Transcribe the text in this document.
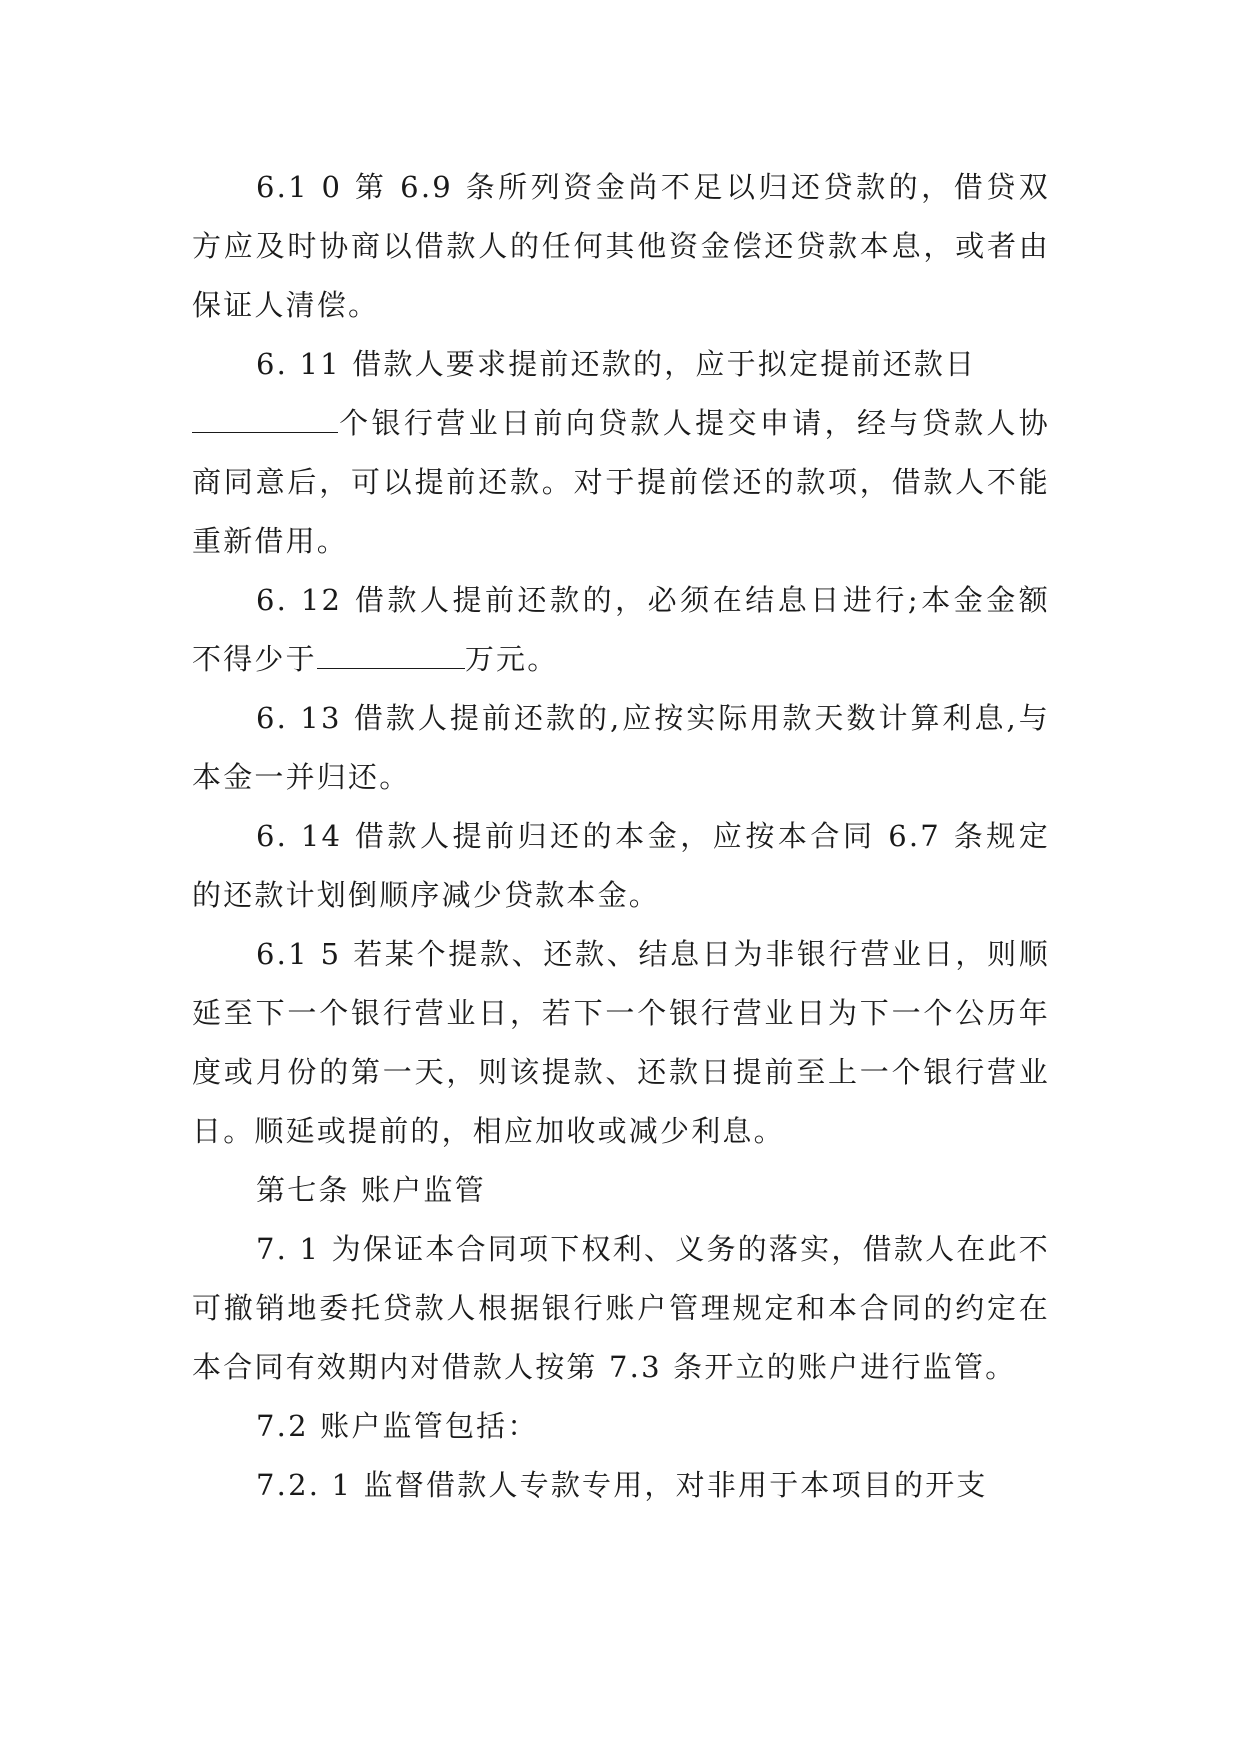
6.1 0 第 6.9 条所列资金尚不足以归还贷款的，借贷双方应及时协商以借款人的任何其他资金偿还贷款本息，或者由保证人清偿。

6. 11 借款人要求提前还款的，应于拟定提前还款日
个银行营业日前向贷款人提交申请，经与贷款人协商同意后，可以提前还款。对于提前偿还的款项，借款人不能重新借用。

6. 12 借款人提前还款的，必须在结息日进行;本金金额不得少于	万元。

6. 13 借款人提前还款的,应按实际用款天数计算利息,与本金一并归还。

6. 14 借款人提前归还的本金，应按本合同 6.7 条规定的还款计划倒顺序减少贷款本金。

6.1 5 若某个提款、还款、结息日为非银行营业日，则顺延至下一个银行营业日，若下一个银行营业日为下一个公历年度或月份的第一天，则该提款、还款日提前至上一个银行营业日。顺延或提前的，相应加收或减少利息。

第七条 账户监管

7. 1 为保证本合同项下权利、义务的落实，借款人在此不可撤销地委托贷款人根据银行账户管理规定和本合同的约定在本合同有效期内对借款人按第 7.3 条开立的账户进行监管。

7.2 账户监管包括：

7.2. 1 监督借款人专款专用，对非用于本项目的开支
